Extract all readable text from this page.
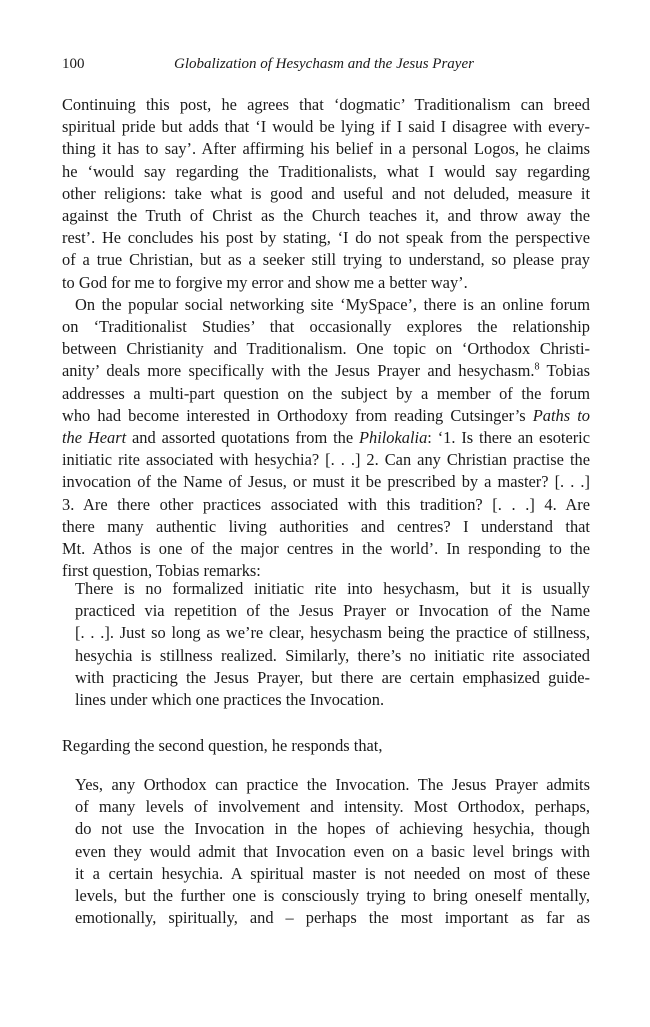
100	Globalization of Hesychasm and the Jesus Prayer
Continuing this post, he agrees that ‘dogmatic’ Traditionalism can breed
spiritual pride but adds that ‘I would be lying if I said I disagree with every-
thing it has to say’. After affirming his belief in a personal Logos, he claims
he ‘would say regarding the Traditionalists, what I would say regarding
other religions: take what is good and useful and not deluded, measure it
against the Truth of Christ as the Church teaches it, and throw away the
rest’. He concludes his post by stating, ‘I do not speak from the perspective
of a true Christian, but as a seeker still trying to understand, so please pray
to God for me to forgive my error and show me a better way’.
On the popular social networking site ‘MySpace’, there is an online forum
on ‘Traditionalist Studies’ that occasionally explores the relationship
between Christianity and Traditionalism. One topic on ‘Orthodox Christi-
anity’ deals more specifically with the Jesus Prayer and hesychasm.$^8$ Tobias
addresses a multi-part question on the subject by a member of the forum
who had become interested in Orthodoxy from reading Cutsinger’s Paths to
the Heart and assorted quotations from the Philokalia: ‘1. Is there an esoteric
initiatic rite associated with hesychia? [. . .] 2. Can any Christian practise the
invocation of the Name of Jesus, or must it be prescribed by a master? [. . .]
3. Are there other practices associated with this tradition? [. . .] 4. Are
there many authentic living authorities and centres? I understand that
Mt. Athos is one of the major centres in the world’. In responding to the
first question, Tobias remarks:
There is no formalized initiatic rite into hesychasm, but it is usually
practiced via repetition of the Jesus Prayer or Invocation of the Name
[. . .]. Just so long as we’re clear, hesychasm being the practice of stillness,
hesychia is stillness realized. Similarly, there’s no initiatic rite associated
with practicing the Jesus Prayer, but there are certain emphasized guide-
lines under which one practices the Invocation.
Regarding the second question, he responds that,
Yes, any Orthodox can practice the Invocation. The Jesus Prayer admits
of many levels of involvement and intensity. Most Orthodox, perhaps,
do not use the Invocation in the hopes of achieving hesychia, though
even they would admit that Invocation even on a basic level brings with
it a certain hesychia. A spiritual master is not needed on most of these
levels, but the further one is consciously trying to bring oneself mentally,
emotionally, spiritually, and – perhaps the most important as far as
